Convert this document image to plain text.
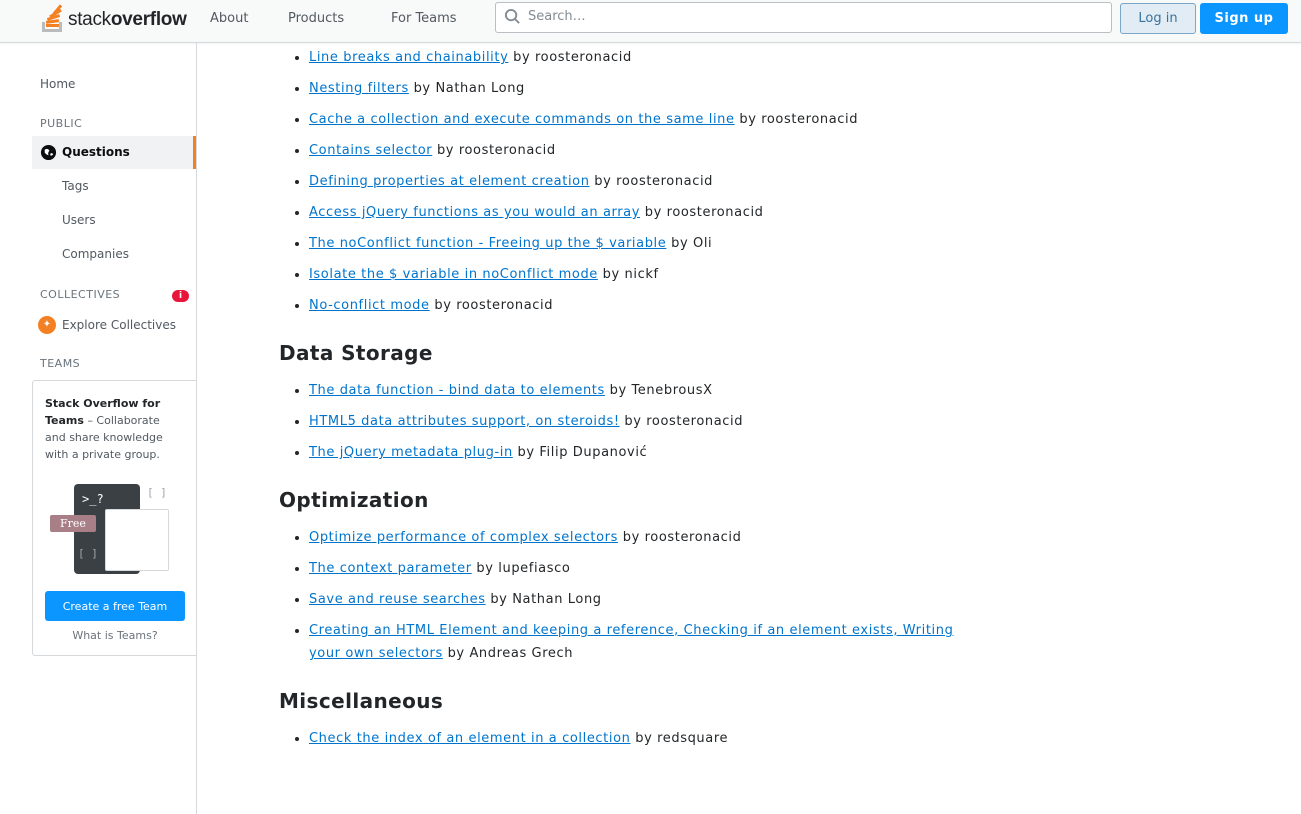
stackoverflow About	Products	For Teams
Search…	Log in	Sign up
Home
PUBLIC
Questions
Tags
Users
Companies
COLLECTIVES	i
✦ Explore Collectives
TEAMS
Stack Overflow for
Teams – Collaborate
and share knowledge
with a private group.
>_?
Free
[ ]
[ ]
Create a free Team
What is Teams?
• Line breaks and chainability by roosteronacid
• Nesting filters by Nathan Long
• Cache a collection and execute commands on the same line by roosteronacid
• Contains selector by roosteronacid
• Defining properties at element creation by roosteronacid
• Access jQuery functions as you would an array by roosteronacid
• The noConflict function - Freeing up the $ variable by Oli
• Isolate the $ variable in noConflict mode by nickf
• No-conflict mode by roosteronacid
Data Storage
• The data function - bind data to elements by TenebrousX
• HTML5 data attributes support, on steroids! by roosteronacid
• The jQuery metadata plug-in by Filip Dupanović
Optimization
• Optimize performance of complex selectors by roosteronacid
• The context parameter by lupefiasco
• Save and reuse searches by Nathan Long
• Creating an HTML Element and keeping a reference, Checking if an element exists, Writing your own selectors by Andreas Grech
Miscellaneous
• Check the index of an element in a collection by redsquare
